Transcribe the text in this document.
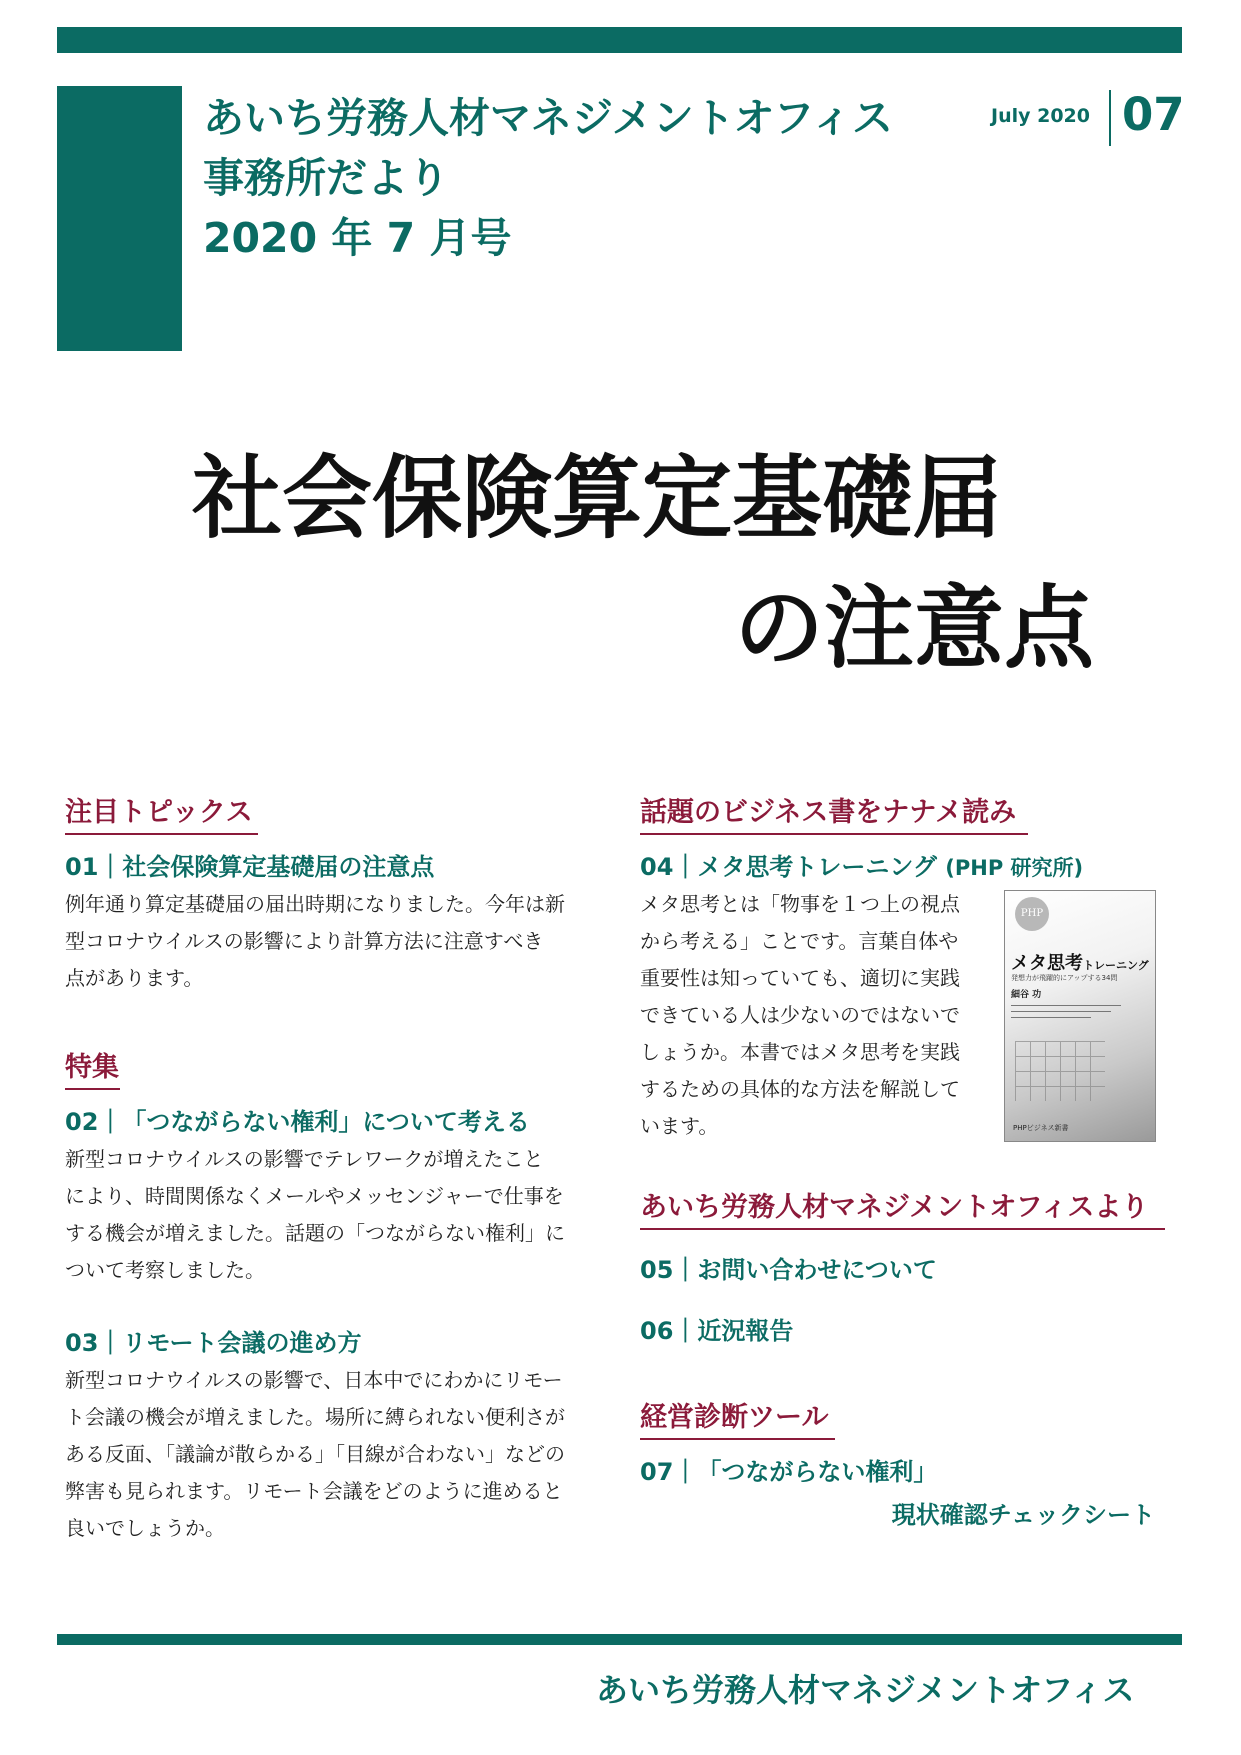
あいち労務人材マネジメントオフィス
事務所だより
2020 年 7 月号
July 2020 07
社会保険算定基礎届
の注意点
注目トピックス
01｜社会保険算定基礎届の注意点
例年通り算定基礎届の届出時期になりました。今年は新
型コロナウイルスの影響により計算方法に注意すべき
点があります。
特集
02｜「つながらない権利」について考える
新型コロナウイルスの影響でテレワークが増えたこと
により、時間関係なくメールやメッセンジャーで仕事を
する機会が増えました。話題の「つながらない権利」に
ついて考察しました。
03｜リモート会議の進め方
新型コロナウイルスの影響で、日本中でにわかにリモー
ト会議の機会が増えました。場所に縛られない便利さが
ある反面、「議論が散らかる」「目線が合わない」などの
弊害も見られます。リモート会議をどのように進めると
良いでしょうか。
話題のビジネス書をナナメ読み
04｜メタ思考トレーニング (PHP 研究所)
メタ思考とは「物事を１つ上の視点
から考える」ことです。言葉自体や
重要性は知っていても、適切に実践
できている人は少ないのではないで
しょうか。本書ではメタ思考を実践
するための具体的な方法を解説して
います。
PHP
メタ思考トレーニング
発想力が飛躍的にアップする34問
細谷 功
PHPビジネス新書
あいち労務人材マネジメントオフィスより
05｜お問い合わせについて
06｜近況報告
経営診断ツール
07｜「つながらない権利」
現状確認チェックシート
あいち労務人材マネジメントオフィス
